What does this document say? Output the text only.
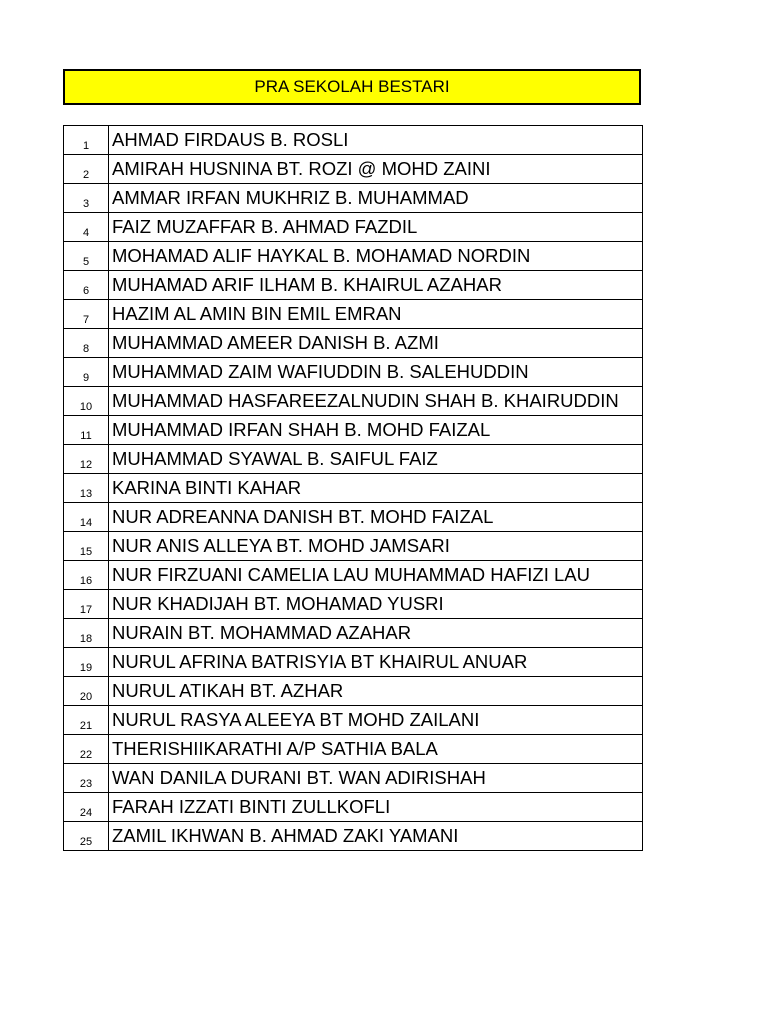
PRA SEKOLAH BESTARI
1	AHMAD FIRDAUS B. ROSLI
2	AMIRAH HUSNINA BT. ROZI @ MOHD ZAINI
3	AMMAR IRFAN MUKHRIZ B. MUHAMMAD
4	FAIZ MUZAFFAR B. AHMAD FAZDIL
5	MOHAMAD ALIF HAYKAL B. MOHAMAD NORDIN
6	MUHAMAD ARIF ILHAM B. KHAIRUL AZAHAR
7	HAZIM AL AMIN BIN EMIL EMRAN
8	MUHAMMAD AMEER DANISH B. AZMI
9	MUHAMMAD ZAIM WAFIUDDIN B. SALEHUDDIN
10	MUHAMMAD HASFAREEZALNUDIN SHAH B. KHAIRUDDIN
11	MUHAMMAD IRFAN SHAH B. MOHD FAIZAL
12	MUHAMMAD SYAWAL B. SAIFUL FAIZ
13	KARINA BINTI KAHAR
14	NUR ADREANNA DANISH BT. MOHD FAIZAL
15	NUR ANIS ALLEYA BT. MOHD JAMSARI
16	NUR FIRZUANI CAMELIA LAU MUHAMMAD HAFIZI LAU
17	NUR KHADIJAH BT. MOHAMAD YUSRI
18	NURAIN BT. MOHAMMAD AZAHAR
19	NURUL AFRINA BATRISYIA BT KHAIRUL ANUAR
20	NURUL ATIKAH BT. AZHAR
21	NURUL RASYA ALEEYA BT MOHD ZAILANI
22	THERISHIIKARATHI A/P SATHIA BALA
23	WAN DANILA DURANI BT. WAN ADIRISHAH
24	FARAH IZZATI BINTI ZULLKOFLI
25	ZAMIL IKHWAN B. AHMAD ZAKI YAMANI
